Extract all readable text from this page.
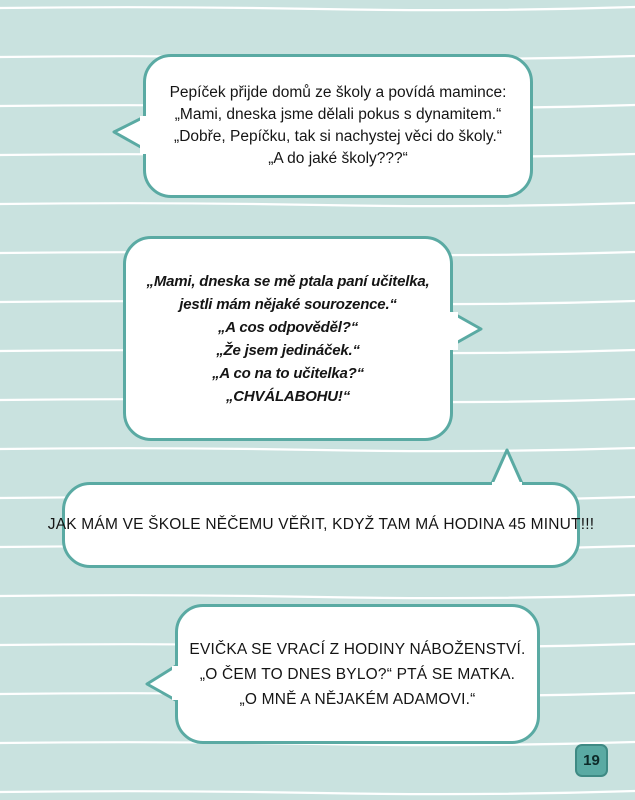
Pepíček přijde domů ze školy a povídá mamince:
„Mami, dneska jsme dělali pokus s dynamitem.“
„Dobře, Pepíčku, tak si nachystej věci do školy.“
„A do jaké školy???“
„Mami, dneska se mě ptala paní učitelka,
jestli mám nějaké sourozence.“
„A cos odpověděl?“
„Že jsem jedináček.“
„A co na to učitelka?“
„CHVÁLABOHU!“
JAK MÁM VE ŠKOLE NĚČEMU VĚŘIT, KDYŽ TAM MÁ HODINA 45 MINUT!!!
EVIČKA SE VRACÍ Z HODINY NÁBOŽENSTVÍ.
„O ČEM TO DNES BYLO?“ PTÁ SE MATKA.
„O MNĚ A NĚJAKÉM ADAMOVI.“
19
